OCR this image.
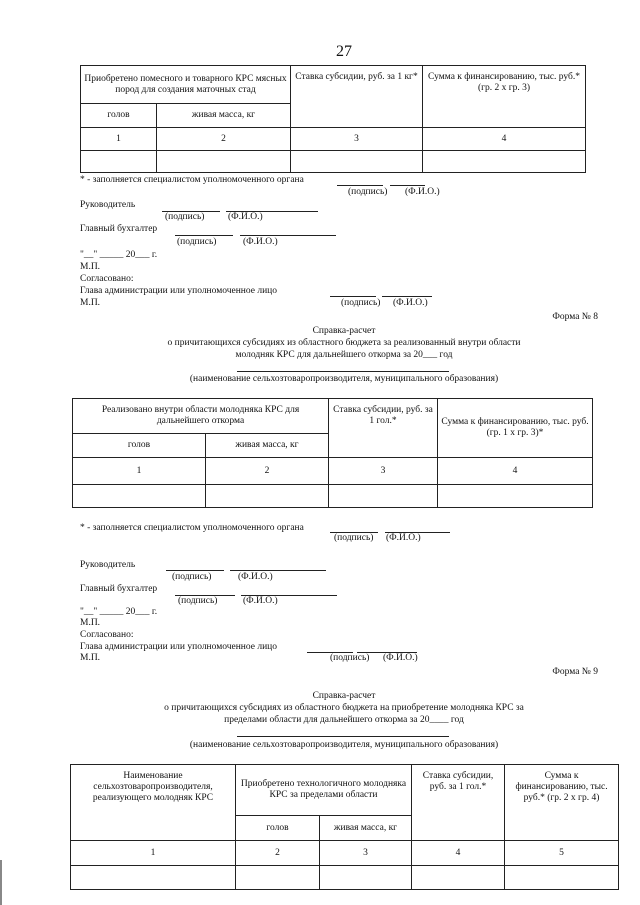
27
Приобретено помесного и товарного КРС мясных пород для создания маточных стад		Ставка субсидии, руб. за 1 кг*	Сумма к финансированию, тыс. руб.* (гр. 2 х гр. 3)
голов	живая масса, кг		
1	2	3	4

* - заполняется специалистом уполномоченного органа
(подпись) (Ф.И.О.)
Руководитель
(подпись) (Ф.И.О.)
Главный бухгалтер
(подпись)	(Ф.И.О.)
"__" _____ 20___ г.
М.П.
Согласовано:
Глава администрации или уполномоченное лицо
М.П.	(подпись) (Ф.И.О.)
Форма № 8
Справка-расчет
о причитающихся субсидиях из областного бюджета за реализованный внутри области
молодняк КРС для дальнейшего откорма за 20___ год
(наименование сельхозтоваропроизводителя, муниципального образования)
Реализовано внутри области молодняка КРС для дальнейшего откорма		Ставка субсидии, руб. за 1 гол.*	Сумма к финансированию, тыс. руб. (гр. 1 х гр. 3)*
голов	живая масса, кг		
1	2	3	4

* - заполняется специалистом уполномоченного органа
(подпись) (Ф.И.О.)
Руководитель
(подпись)	(Ф.И.О.)
Главный бухгалтер
(подпись)	(Ф.И.О.)
"__" _____ 20___ г.
М.П.
Согласовано:
Глава администрации или уполномоченное лицо
М.П.	(подпись) (Ф.И.О.)
Форма № 9
Справка-расчет
о причитающихся субсидиях из областного бюджета на приобретение молодняка КРС за
пределами области для дальнейшего откорма за 20____ год
(наименование сельхозтоваропроизводителя, муниципального образования)
Наименование сельхозтоваропроизводителя, реализующего молодняк КРС	Приобретено технологичного молодняка КРС за пределами области		Ставка субсидии, руб. за 1 гол.*	Сумма к финансированию, тыс. руб.* (гр. 2 х гр. 4)
	голов	живая масса, кг		
1	2	3	4	5
